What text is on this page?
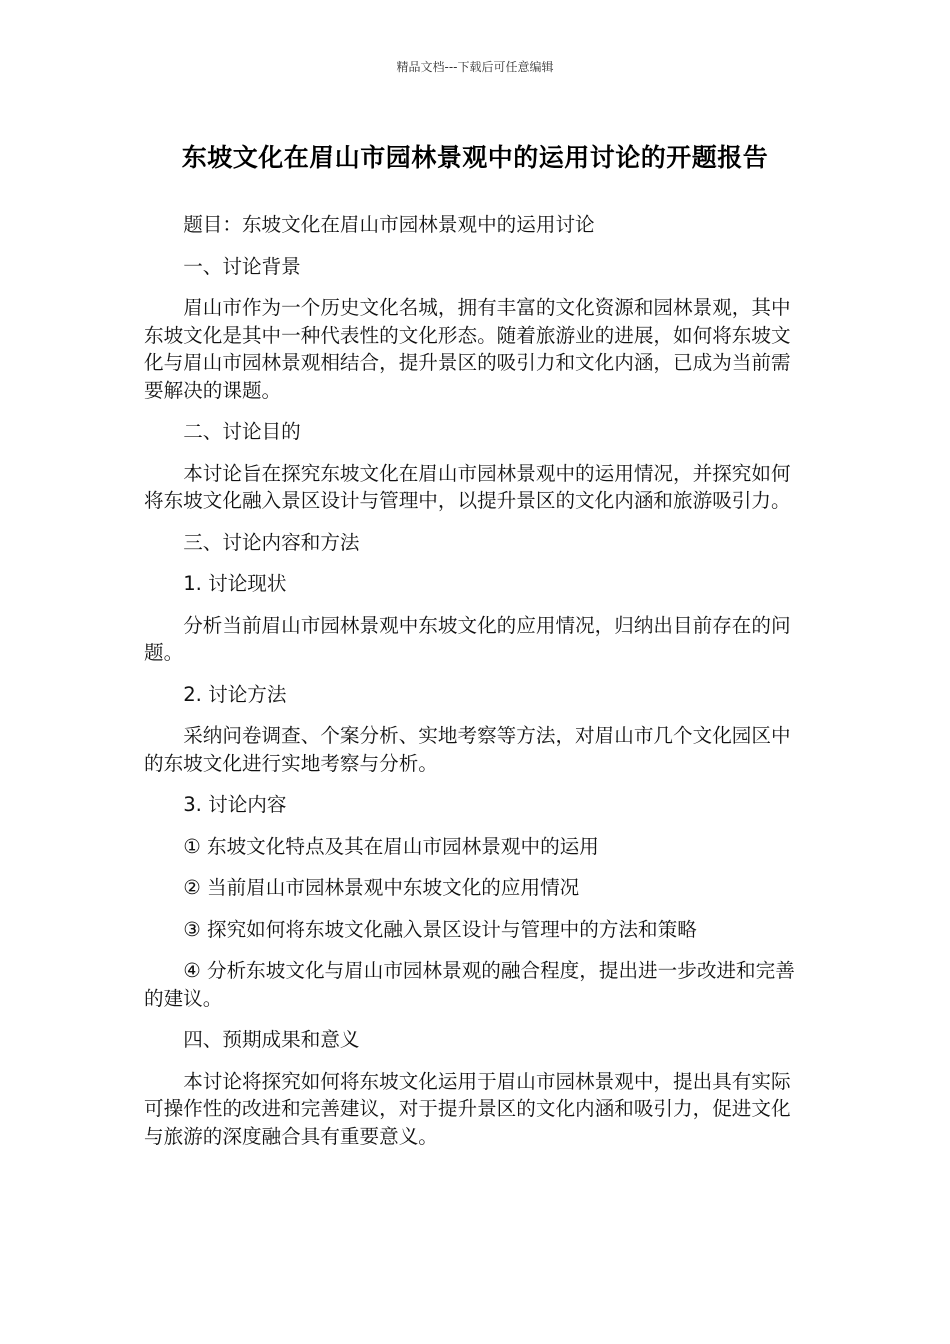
精品文档---下载后可任意编辑
东坡文化在眉山市园林景观中的运用讨论的开题报告

题目：东坡文化在眉山市园林景观中的运用讨论

一、讨论背景

眉山市作为一个历史文化名城，拥有丰富的文化资源和园林景观，其中东坡文化是其中一种代表性的文化形态。随着旅游业的进展，如何将东坡文化与眉山市园林景观相结合，提升景区的吸引力和文化内涵，已成为当前需要解决的课题。

二、讨论目的

本讨论旨在探究东坡文化在眉山市园林景观中的运用情况，并探究如何将东坡文化融入景区设计与管理中，以提升景区的文化内涵和旅游吸引力。

三、讨论内容和方法

1. 讨论现状

分析当前眉山市园林景观中东坡文化的应用情况，归纳出目前存在的问题。

2. 讨论方法

采纳问卷调查、个案分析、实地考察等方法，对眉山市几个文化园区中的东坡文化进行实地考察与分析。

3. 讨论内容

① 东坡文化特点及其在眉山市园林景观中的运用

② 当前眉山市园林景观中东坡文化的应用情况

③ 探究如何将东坡文化融入景区设计与管理中的方法和策略

④ 分析东坡文化与眉山市园林景观的融合程度，提出进一步改进和完善的建议。

四、预期成果和意义

本讨论将探究如何将东坡文化运用于眉山市园林景观中，提出具有实际可操作性的改进和完善建议，对于提升景区的文化内涵和吸引力，促进文化与旅游的深度融合具有重要意义。
